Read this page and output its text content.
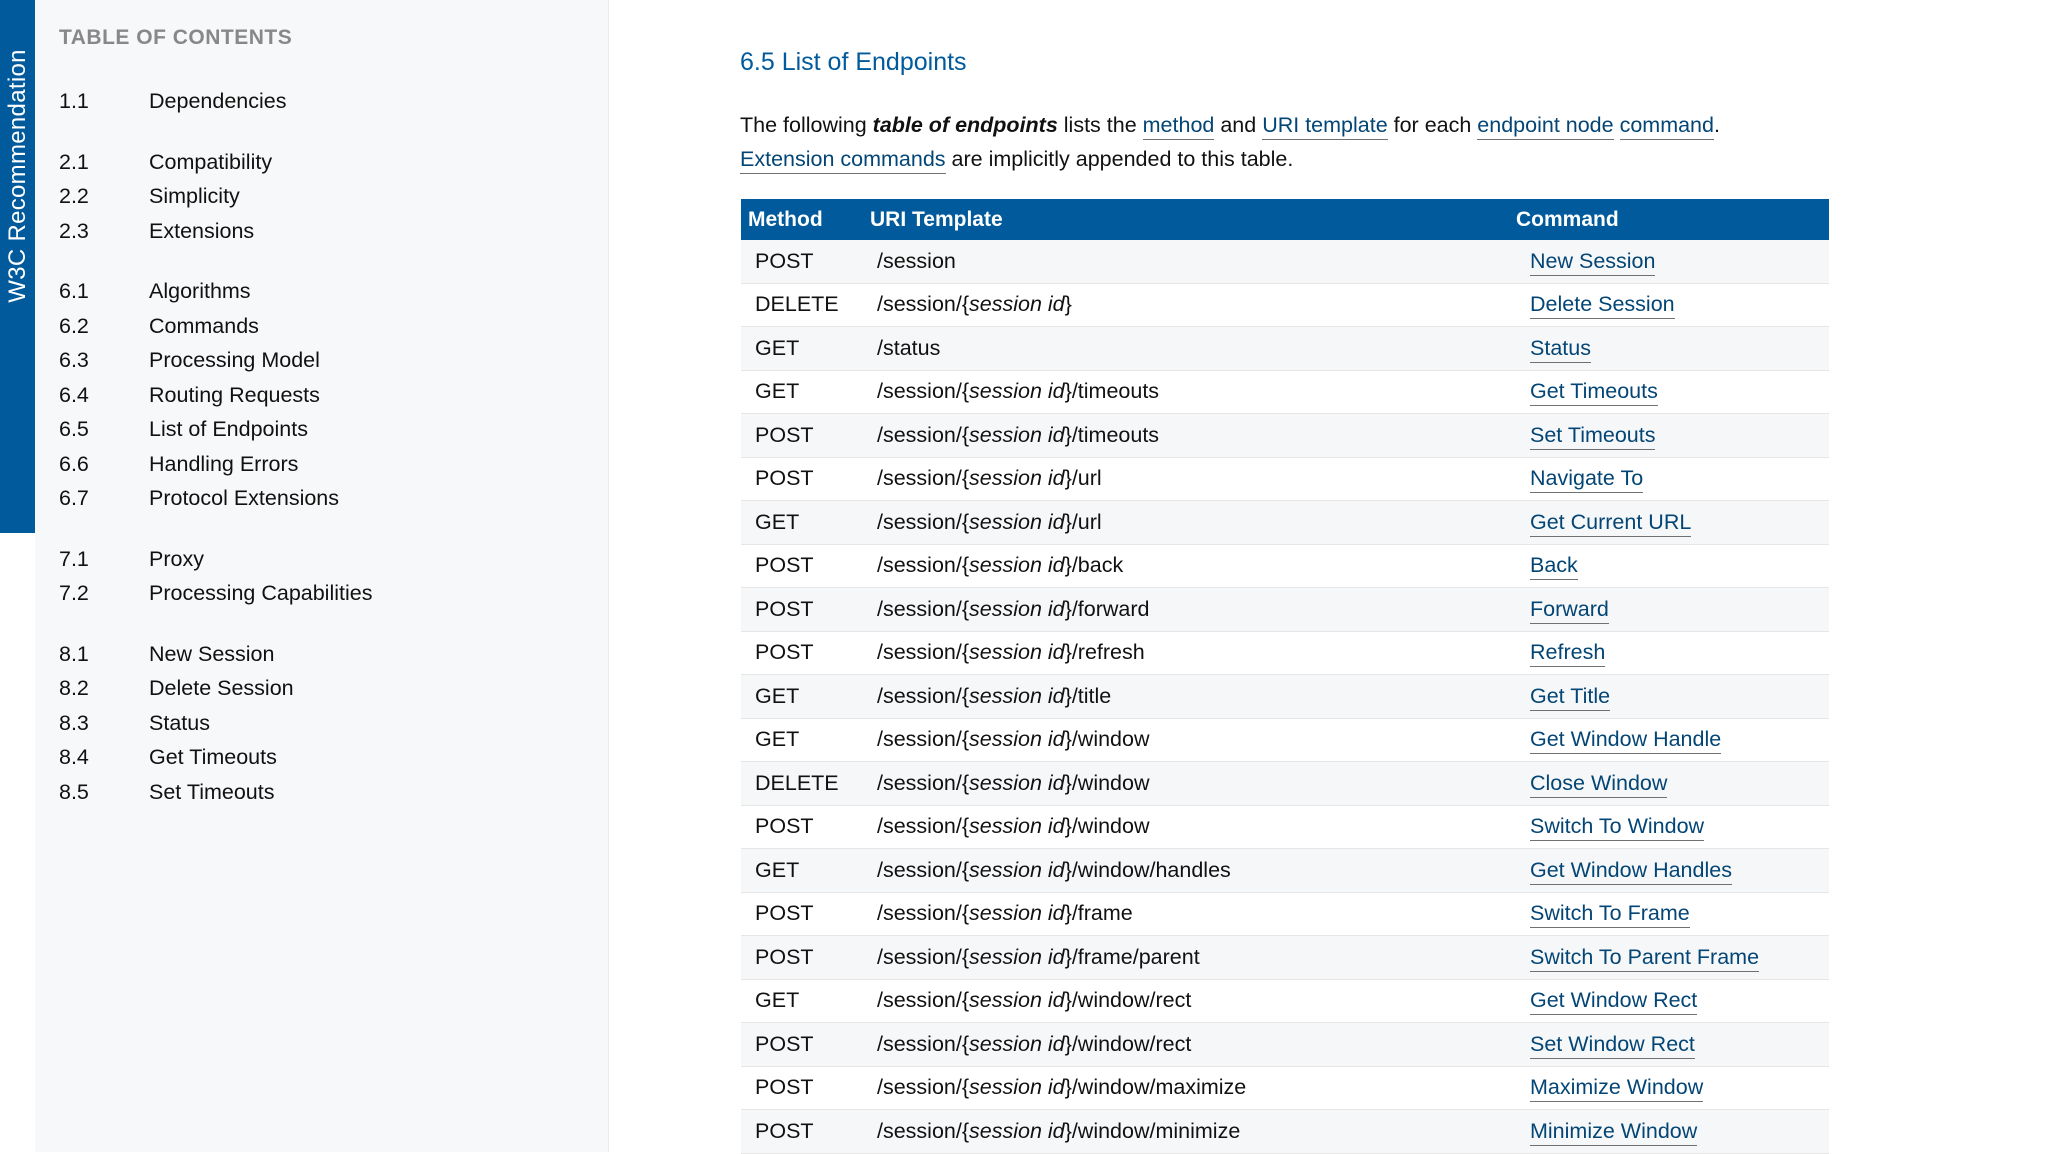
W3C Recommendation
TABLE OF CONTENTS
1.1	Dependencies
2.1	Compatibility
2.2	Simplicity
2.3	Extensions
6.1	Algorithms
6.2	Commands
6.3	Processing Model
6.4	Routing Requests
6.5	List of Endpoints
6.6	Handling Errors
6.7	Protocol Extensions
7.1	Proxy
7.2	Processing Capabilities
8.1	New Session
8.2	Delete Session
8.3	Status
8.4	Get Timeouts
8.5	Set Timeouts
6.5 List of Endpoints

The following table of endpoints lists the method and URI template for each endpoint node command.
Extension commands are implicitly appended to this table.

Method	URI Template	Command
POST	/session	New Session
DELETE	/session/{session id}	Delete Session
GET	/status	Status
GET	/session/{session id}/timeouts	Get Timeouts
POST	/session/{session id}/timeouts	Set Timeouts
POST	/session/{session id}/url	Navigate To
GET	/session/{session id}/url	Get Current URL
POST	/session/{session id}/back	Back
POST	/session/{session id}/forward	Forward
POST	/session/{session id}/refresh	Refresh
GET	/session/{session id}/title	Get Title
GET	/session/{session id}/window	Get Window Handle
DELETE	/session/{session id}/window	Close Window
POST	/session/{session id}/window	Switch To Window
GET	/session/{session id}/window/handles	Get Window Handles
POST	/session/{session id}/frame	Switch To Frame
POST	/session/{session id}/frame/parent	Switch To Parent Frame
GET	/session/{session id}/window/rect	Get Window Rect
POST	/session/{session id}/window/rect	Set Window Rect
POST	/session/{session id}/window/maximize	Maximize Window
POST	/session/{session id}/window/minimize	Minimize Window
